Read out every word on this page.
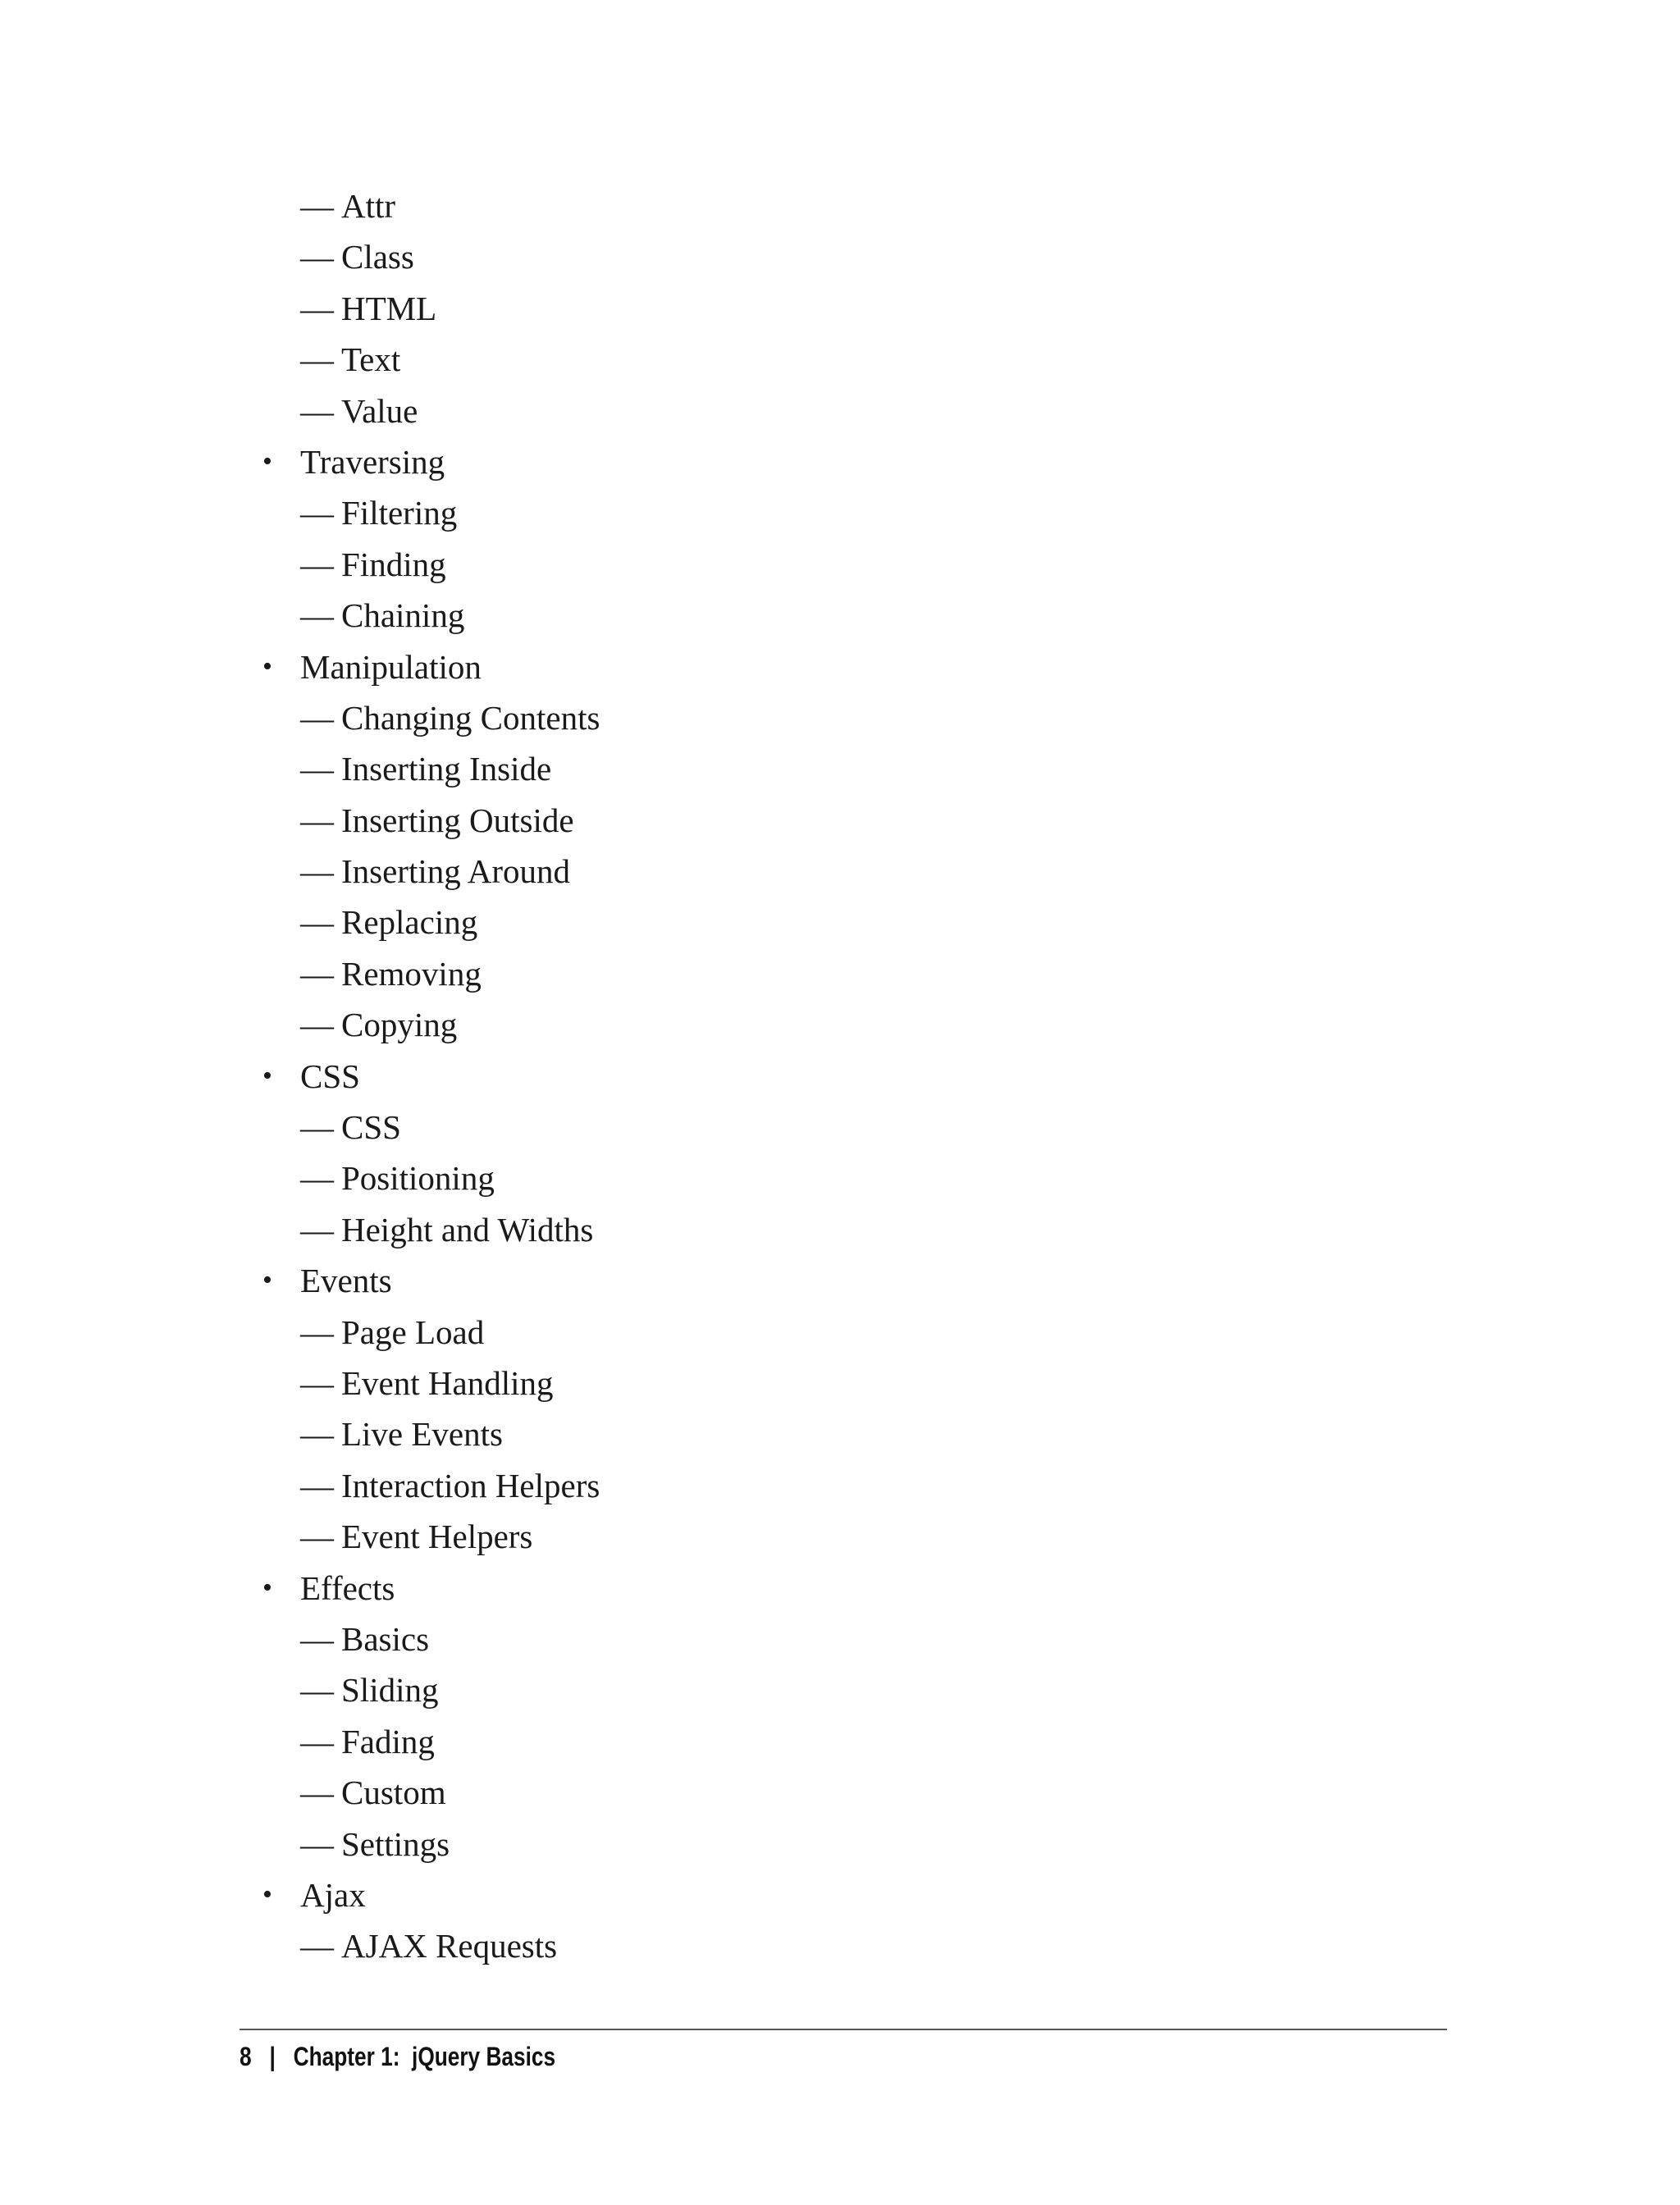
— Attr
— Class
— HTML
— Text
— Value
• Traversing
— Filtering
— Finding
— Chaining
• Manipulation
— Changing Contents
— Inserting Inside
— Inserting Outside
— Inserting Around
— Replacing
— Removing
— Copying
• CSS
— CSS
— Positioning
— Height and Widths
• Events
— Page Load
— Event Handling
— Live Events
— Interaction Helpers
— Event Helpers
• Effects
— Basics
— Sliding
— Fading
— Custom
— Settings
• Ajax
— AJAX Requests
8 | Chapter 1: jQuery Basics
